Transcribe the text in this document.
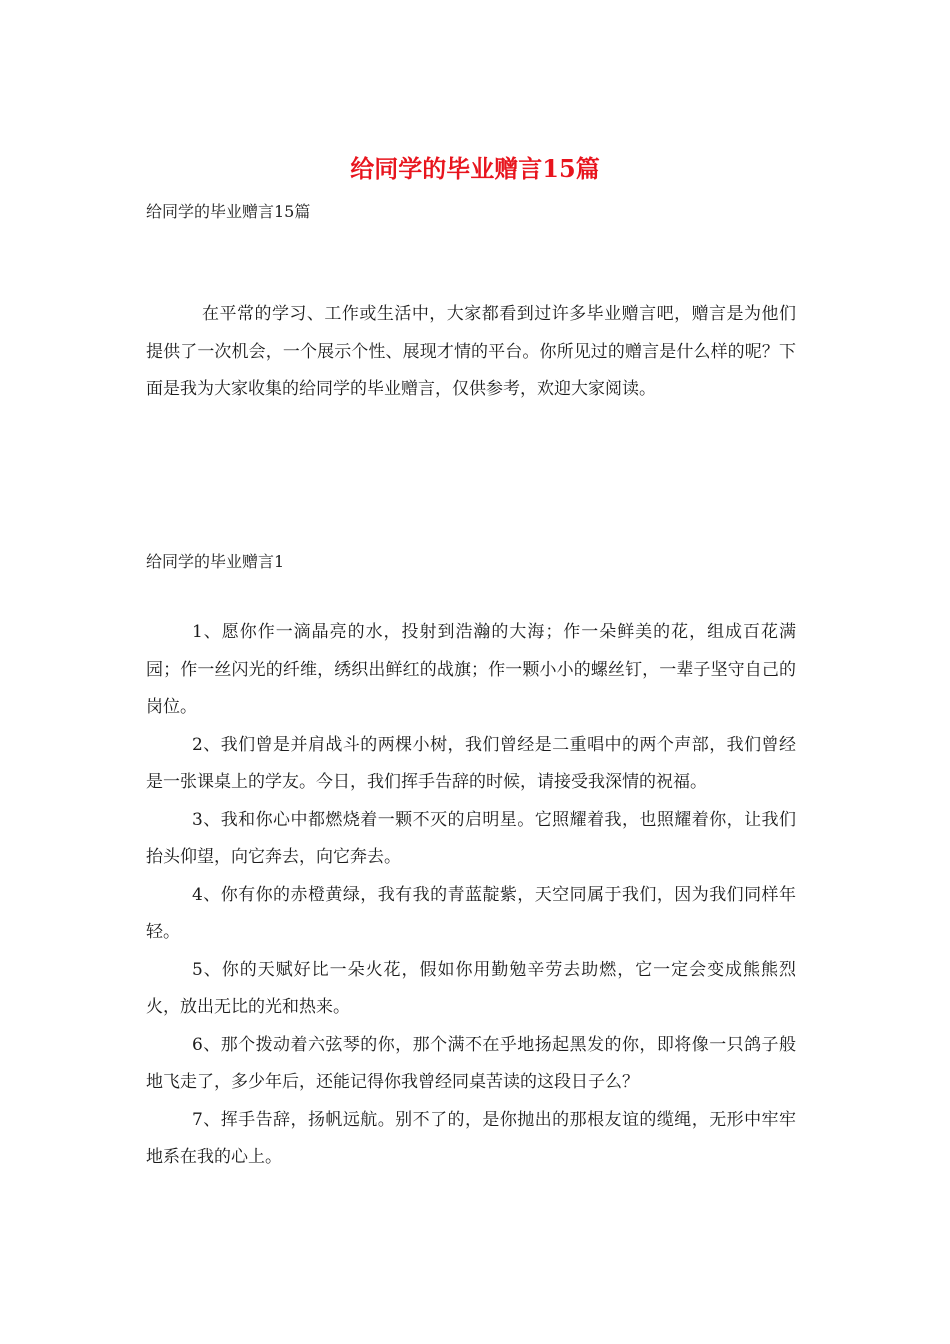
给同学的毕业赠言15篇
给同学的毕业赠言15篇

在平常的学习、工作或生活中，大家都看到过许多毕业赠言吧，赠言是为他们提供了一次机会，一个展示个性、展现才情的平台。你所见过的赠言是什么样的呢？下面是我为大家收集的给同学的毕业赠言，仅供参考，欢迎大家阅读。

给同学的毕业赠言1
1、愿你作一滴晶亮的水，投射到浩瀚的大海；作一朵鲜美的花，组成百花满园；作一丝闪光的纤维，绣织出鲜红的战旗；作一颗小小的螺丝钉，一辈子坚守自己的岗位。
2、我们曾是并肩战斗的两棵小树，我们曾经是二重唱中的两个声部，我们曾经是一张课桌上的学友。今日，我们挥手告辞的时候，请接受我深情的祝福。
3、我和你心中都燃烧着一颗不灭的启明星。它照耀着我，也照耀着你，让我们抬头仰望，向它奔去，向它奔去。
4、你有你的赤橙黄绿，我有我的青蓝靛紫，天空同属于我们，因为我们同样年轻。
5、你的天赋好比一朵火花，假如你用勤勉辛劳去助燃，它一定会变成熊熊烈火，放出无比的光和热来。
6、那个拨动着六弦琴的你，那个满不在乎地扬起黑发的你，即将像一只鸽子般地飞走了，多少年后，还能记得你我曾经同桌苦读的这段日子么？
7、挥手告辞，扬帆远航。别不了的，是你抛出的那根友谊的缆绳，无形中牢牢地系在我的心上。
